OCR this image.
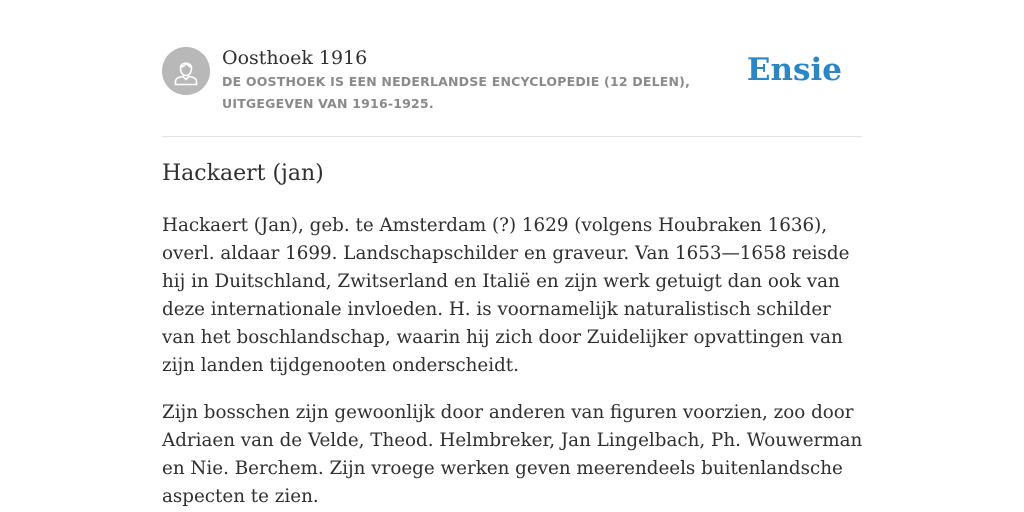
Oosthoek 1916
DE OOSTHOEK IS EEN NEDERLANDSE ENCYCLOPEDIE (12 DELEN), UITGEGEVEN VAN 1916-1925.
Ensie
Hackaert (jan)

Hackaert (Jan), geb. te Amsterdam (?) 1629 (volgens Houbraken 1636), overl. aldaar 1699. Landschapschilder en graveur. Van 1653—1658 reisde hij in Duitschland, Zwitserland en Italië en zijn werk getuigt dan ook van deze internationale invloeden. H. is voornamelijk naturalistisch schilder van het boschlandschap, waarin hij zich door Zuidelijker opvattingen van zijn landen tijdgenooten onderscheidt.

Zijn bosschen zijn gewoonlijk door anderen van figuren voorzien, zoo door Adriaen van de Velde, Theod. Helmbreker, Jan Lingelbach, Ph. Wouwerman en Nie. Berchem. Zijn vroege werken geven meerendeels buitenlandsche aspecten te zien.
